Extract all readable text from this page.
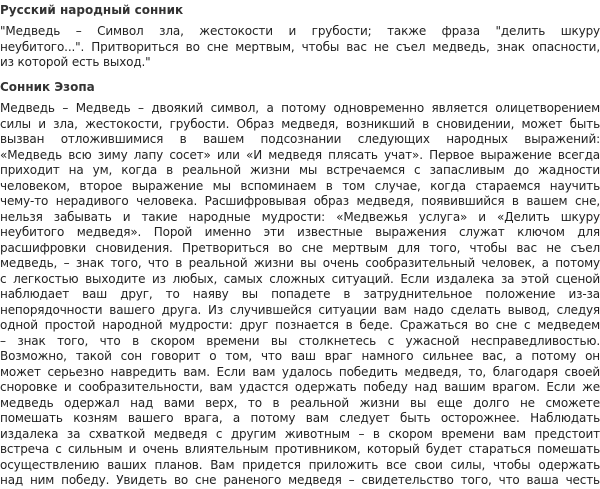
Русский народный сонник
"Медведь – Символ зла, жестокости и грубости; также фраза "делить шкуру
неубитого...". Притвориться во сне мертвым, чтобы вас не съел медведь, знак опасности,
из которой есть выход."
Сонник Эзопа
Медведь – Медведь – двоякий символ, а потому одновременно является олицетворением
силы и зла, жестокости, грубости. Образ медведя, возникший в сновидении, может быть
вызван отложившимися в вашем подсознании следующих народных выражений:
«Медведь всю зиму лапу сосет» или «И медведя плясать учат». Первое выражение всегда
приходит на ум, когда в реальной жизни мы встречаемся с запасливым до жадности
человеком, второе выражение мы вспоминаем в том случае, когда стараемся научить
чему-то нерадивого человека. Расшифровывая образ медведя, появившийся в вашем сне,
нельзя забывать и такие народные мудрости: «Медвежья услуга» и «Делить шкуру
неубитого медведя». Порой именно эти известные выражения служат ключом для
расшифровки сновидения. Претвориться во сне мертвым для того, чтобы вас не съел
медведь, – знак того, что в реальной жизни вы очень сообразительный человек, а потому
с легкостью выходите из любых, самых сложных ситуаций. Если издалека за этой сценой
наблюдает ваш друг, то наяву вы попадете в затруднительное положение из-за
непорядочности вашего друга. Из случившейся ситуации вам надо сделать вывод, следуя
одной простой народной мудрости: друг познается в беде. Сражаться во сне с медведем
– знак того, что в скором времени вы столкнетесь с ужасной несправедливостью.
Возможно, такой сон говорит о том, что ваш враг намного сильнее вас, а потому он
может серьезно навредить вам. Если вам удалось победить медведя, то, благодаря своей
сноровке и сообразительности, вам удастся одержать победу над вашим врагом. Если же
медведь одержал над вами верх, то в реальной жизни вы еще долго не сможете
помешать козням вашего врага, а потому вам следует быть осторожнее. Наблюдать
издалека за схваткой медведя с другим животным – в скором времени вам предстоит
встреча с сильным и очень влиятельным противником, который будет стараться помешать
осуществлению ваших планов. Вам придется приложить все свои силы, чтобы одержать
над ним победу. Увидеть во сне раненого медведя – свидетельство того, что ваша честь
